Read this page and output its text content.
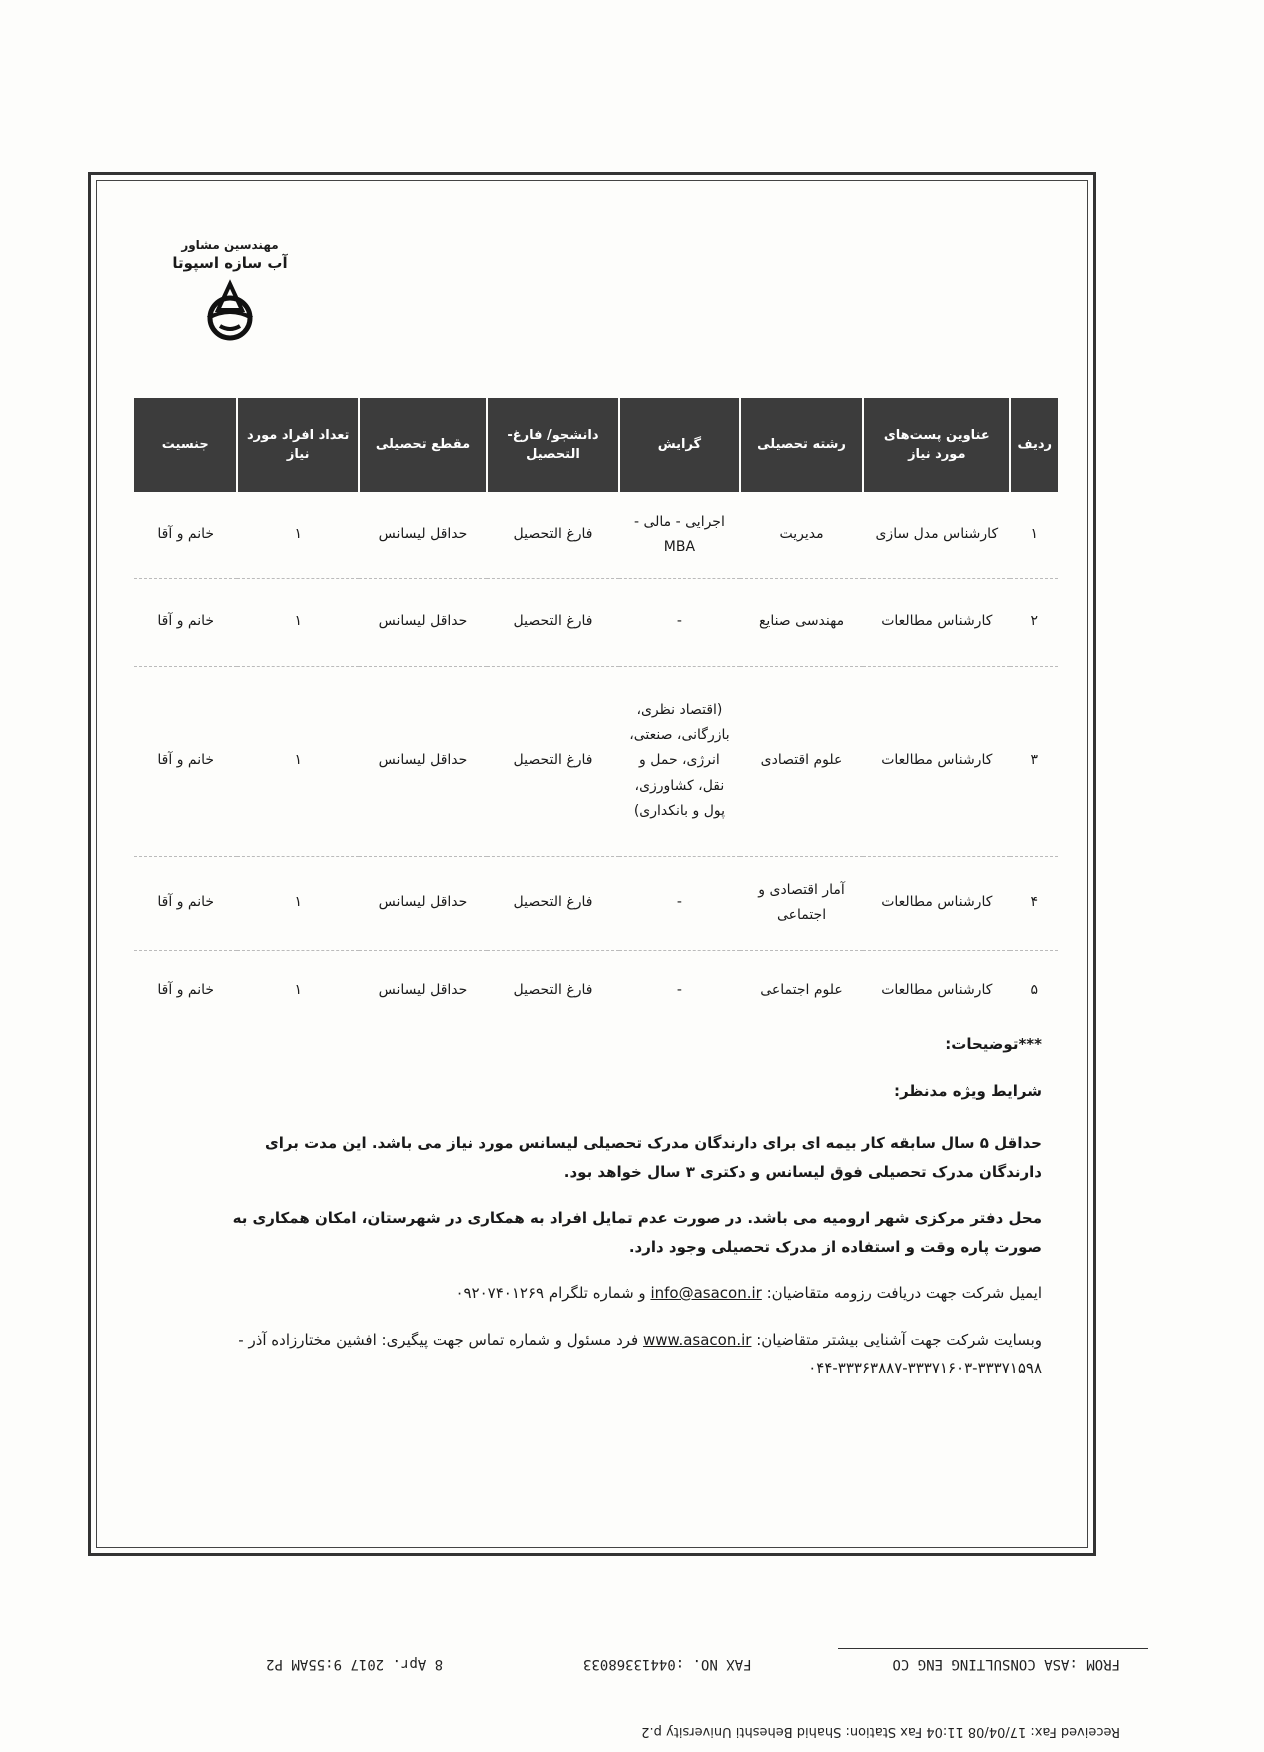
مهندسین مشاور
آب سازه اسپوتا
ردیف	عناوین پست‌های مورد نیاز	رشته تحصیلی	گرایش	دانشجو/ فارغ-التحصیل	مقطع تحصیلی	تعداد افراد مورد نیاز	جنسیت
۱	کارشناس مدل سازی	مدیریت	اجرایی - مالی - MBA	فارغ التحصیل	حداقل لیسانس	۱	خانم و آقا
۲	کارشناس مطالعات	مهندسی صنایع	-	فارغ التحصیل	حداقل لیسانس	۱	خانم و آقا
۳	کارشناس مطالعات	علوم اقتصادی	(اقتصاد نظری، بازرگانی، صنعتی، انرژی، حمل و نقل، کشاورزی، پول و بانکداری)	فارغ التحصیل	حداقل لیسانس	۱	خانم و آقا
۴	کارشناس مطالعات	آمار اقتصادی و اجتماعی	-	فارغ التحصیل	حداقل لیسانس	۱	خانم و آقا
۵	کارشناس مطالعات	علوم اجتماعی	-	فارغ التحصیل	حداقل لیسانس	۱	خانم و آقا

***توضیحات:

شرایط ویژه مدنظر:

حداقل ۵ سال سابقه کار بیمه ای برای دارندگان مدرک تحصیلی لیسانس مورد نیاز می باشد. این مدت برای دارندگان مدرک تحصیلی فوق لیسانس و دکتری ۳ سال خواهد بود.

محل دفتر مرکزی شهر ارومیه می باشد. در صورت عدم تمایل افراد به همکاری در شهرستان، امکان همکاری به صورت پاره وقت و استفاده از مدرک تحصیلی وجود دارد.

ایمیل شرکت جهت دریافت رزومه متقاضیان: info@asacon.ir و شماره تلگرام ۰۹۲۰۷۴۰۱۲۶۹

وبسایت شرکت جهت آشنایی بیشتر متقاضیان: www.asacon.ir فرد مسئول و شماره تماس جهت پیگیری: افشین مختارزاده آذر - ۳۳۳۷۱۵۹۸-۳۳۳۷۱۶۰۳-۳۳۳۶۳۸۸۷-۰۴۴

FROM :ASA CONSULTING ENG CO FAX NO. :04413368033 8 Apr. 2017 9:55AM P2
Received Fax: 17/04/08 11:04 Fax Station: Shahid Beheshti University p.2
